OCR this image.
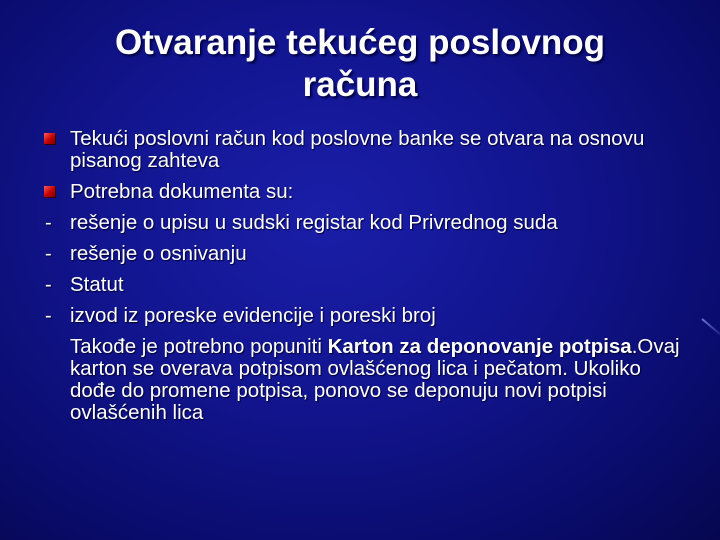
Otvaranje tekućeg poslovnog računa
Tekući poslovni račun kod poslovne banke se otvara na osnovu pisanog zahteva
Potrebna dokumenta su:
- rešenje o upisu u sudski registar kod Privrednog suda
- rešenje o osnivanju
- Statut
- izvod iz poreske evidencije i poreski broj
Takođe je potrebno popuniti Karton za deponovanje potpisa.Ovaj karton se overava potpisom ovlašćenog lica i pečatom. Ukoliko dođe do promene potpisa, ponovo se deponuju novi potpisi ovlašćenih lica
